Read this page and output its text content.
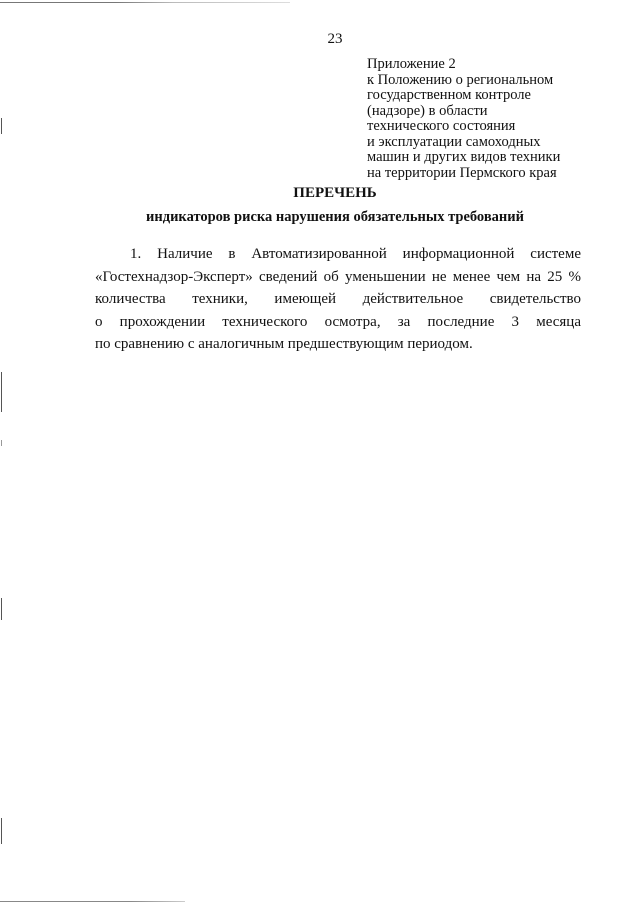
23
Приложение 2
к Положению о региональном
государственном контроле
(надзоре) в области
технического состояния
и эксплуатации самоходных
машин и других видов техники
на территории Пермского края
ПЕРЕЧЕНЬ
индикаторов риска нарушения обязательных требований
1. Наличие в Автоматизированной информационной системе
«Гостехнадзор-Эксперт» сведений об уменьшении не менее чем на 25 %
количества техники, имеющей действительное свидетельство
о прохождении технического осмотра, за последние 3 месяца
по сравнению с аналогичным предшествующим периодом.
